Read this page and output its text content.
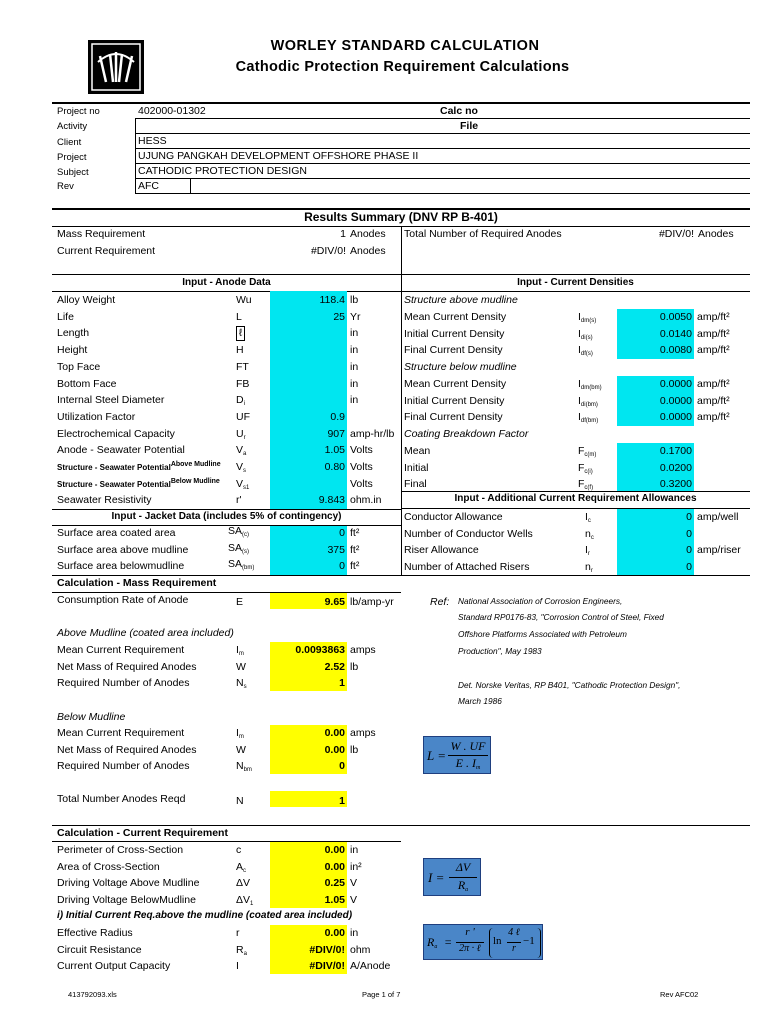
WORLEY STANDARD CALCULATION
Cathodic Protection Requirement Calculations
Project no	402000-01302	Calc no
Activity	File
Client	HESS
Project	UJUNG PANGKAH DEVELOPMENT OFFSHORE PHASE II
Subject	CATHODIC PROTECTION DESIGN
Rev	AFC
Results Summary (DNV RP B-401)
Mass Requirement	1 Anodes
Current Requirement	#DIV/0! Anodes
Total Number of Required Anodes	#DIV/0! Anodes
Input - Anode Data	Input - Current Densities
Alloy Weight	Wu	118.4 lb
Life	L	25 Yr
Length	ℓ	in
Height	H	in
Top Face	FT	in
Bottom Face	FB	in
Internal Steel Diameter	$D_i$	in
Utilization Factor	UF	0.9
Electrochemical Capacity	$U_r$	907 amp-hr/lb
Anode - Seawater Potential	$V_a$	1.05 Volts
Structure - Seawater PotentialAbove Mudline $V_s$	0.80 Volts
Structure - Seawater PotentialBelow Mudline $V_{s1}$	Volts
Seawater Resistivity	r'	9.843 ohm.in
Structure above mudline
Structure below mudline
Coating Breakdown Factor
Mean Current Density	$I_{dm(s)}$	0.0050 amp/ft²
Initial Current Density	$I_{di(s)}$	0.0140 amp/ft²
Final Current Density	$I_{df(s)}$	0.0080 amp/ft²
Mean Current Density	$I_{dm(bm)}$	0.0000 amp/ft²
Initial Current Density	$I_{di(bm)}$	0.0000 amp/ft²
Final Current Density	$I_{df(bm)}$	0.0000 amp/ft²
Mean	$F_{c(m)}$	0.1700
Initial	$F_{c(i)}$	0.0200
Final	$F_{c(f)}$	0.3200
Input - Additional Current Requirement Allowances
Conductor Allowance	$I_c$	0 amp/well
Number of Conductor Wells	$n_c$	0
Riser Allowance	$I_r$	0 amp/riser
Number of Attached Risers	$n_r$	0
Input - Jacket Data (includes 5% of contingency)
Surface area coated area	$SA_{(c)}$	0 ft²
Surface area above mudline	$SA_{(s)}$	375 ft²
Surface area belowmudline	$SA_{(bm)}$	0 ft²
Calculation - Mass Requirement
Consumption Rate of Anode	E	9.65 lb/amp-yr
Above Mudline (coated area included)
Mean Current Requirement	$I_m$	0.0093863 amps
Net Mass of Required Anodes	W	2.52 lb
Required Number of Anodes	$N_s$	1
Below Mudline
Mean Current Requirement	$I_m$	0.00 amps
Net Mass of Required Anodes	W	0.00 lb
Required Number of Anodes	$N_{bm}$	0
Total Number Anodes Reqd	N	1
Ref: National Association of Corrosion Engineers,
Standard RP0176-83, "Corrosion Control of Steel, Fixed
Offshore Platforms Associated with Petroleum
Production", May 1983
Det. Norske Veritas, RP B401, "Cathodic Protection Design",
March 1986
L =
W . UF
E . $I_m$
Calculation - Current Requirement
Perimeter of Cross-Section	c	0.00 in
Area of Cross-Section	$A_c$	0.00 in²
Driving Voltage Above Mudline	ΔV	0.25 V
Driving Voltage BelowMudline	$\Delta V_1$	1.05 V
i) Initial Current Req.above the mudline (coated area included)
Effective Radius	r	0.00 in
Circuit Resistance	$R_a$	#DIV/0! ohm
Current Output Capacity	I	#DIV/0! A/Anode
I =
ΔV
$R_a$
$R_a$ =
r '
2π · ℓ
ln
4 ℓ
r
−1
413792093.xls	Page 1 of 7	Rev AFC02
